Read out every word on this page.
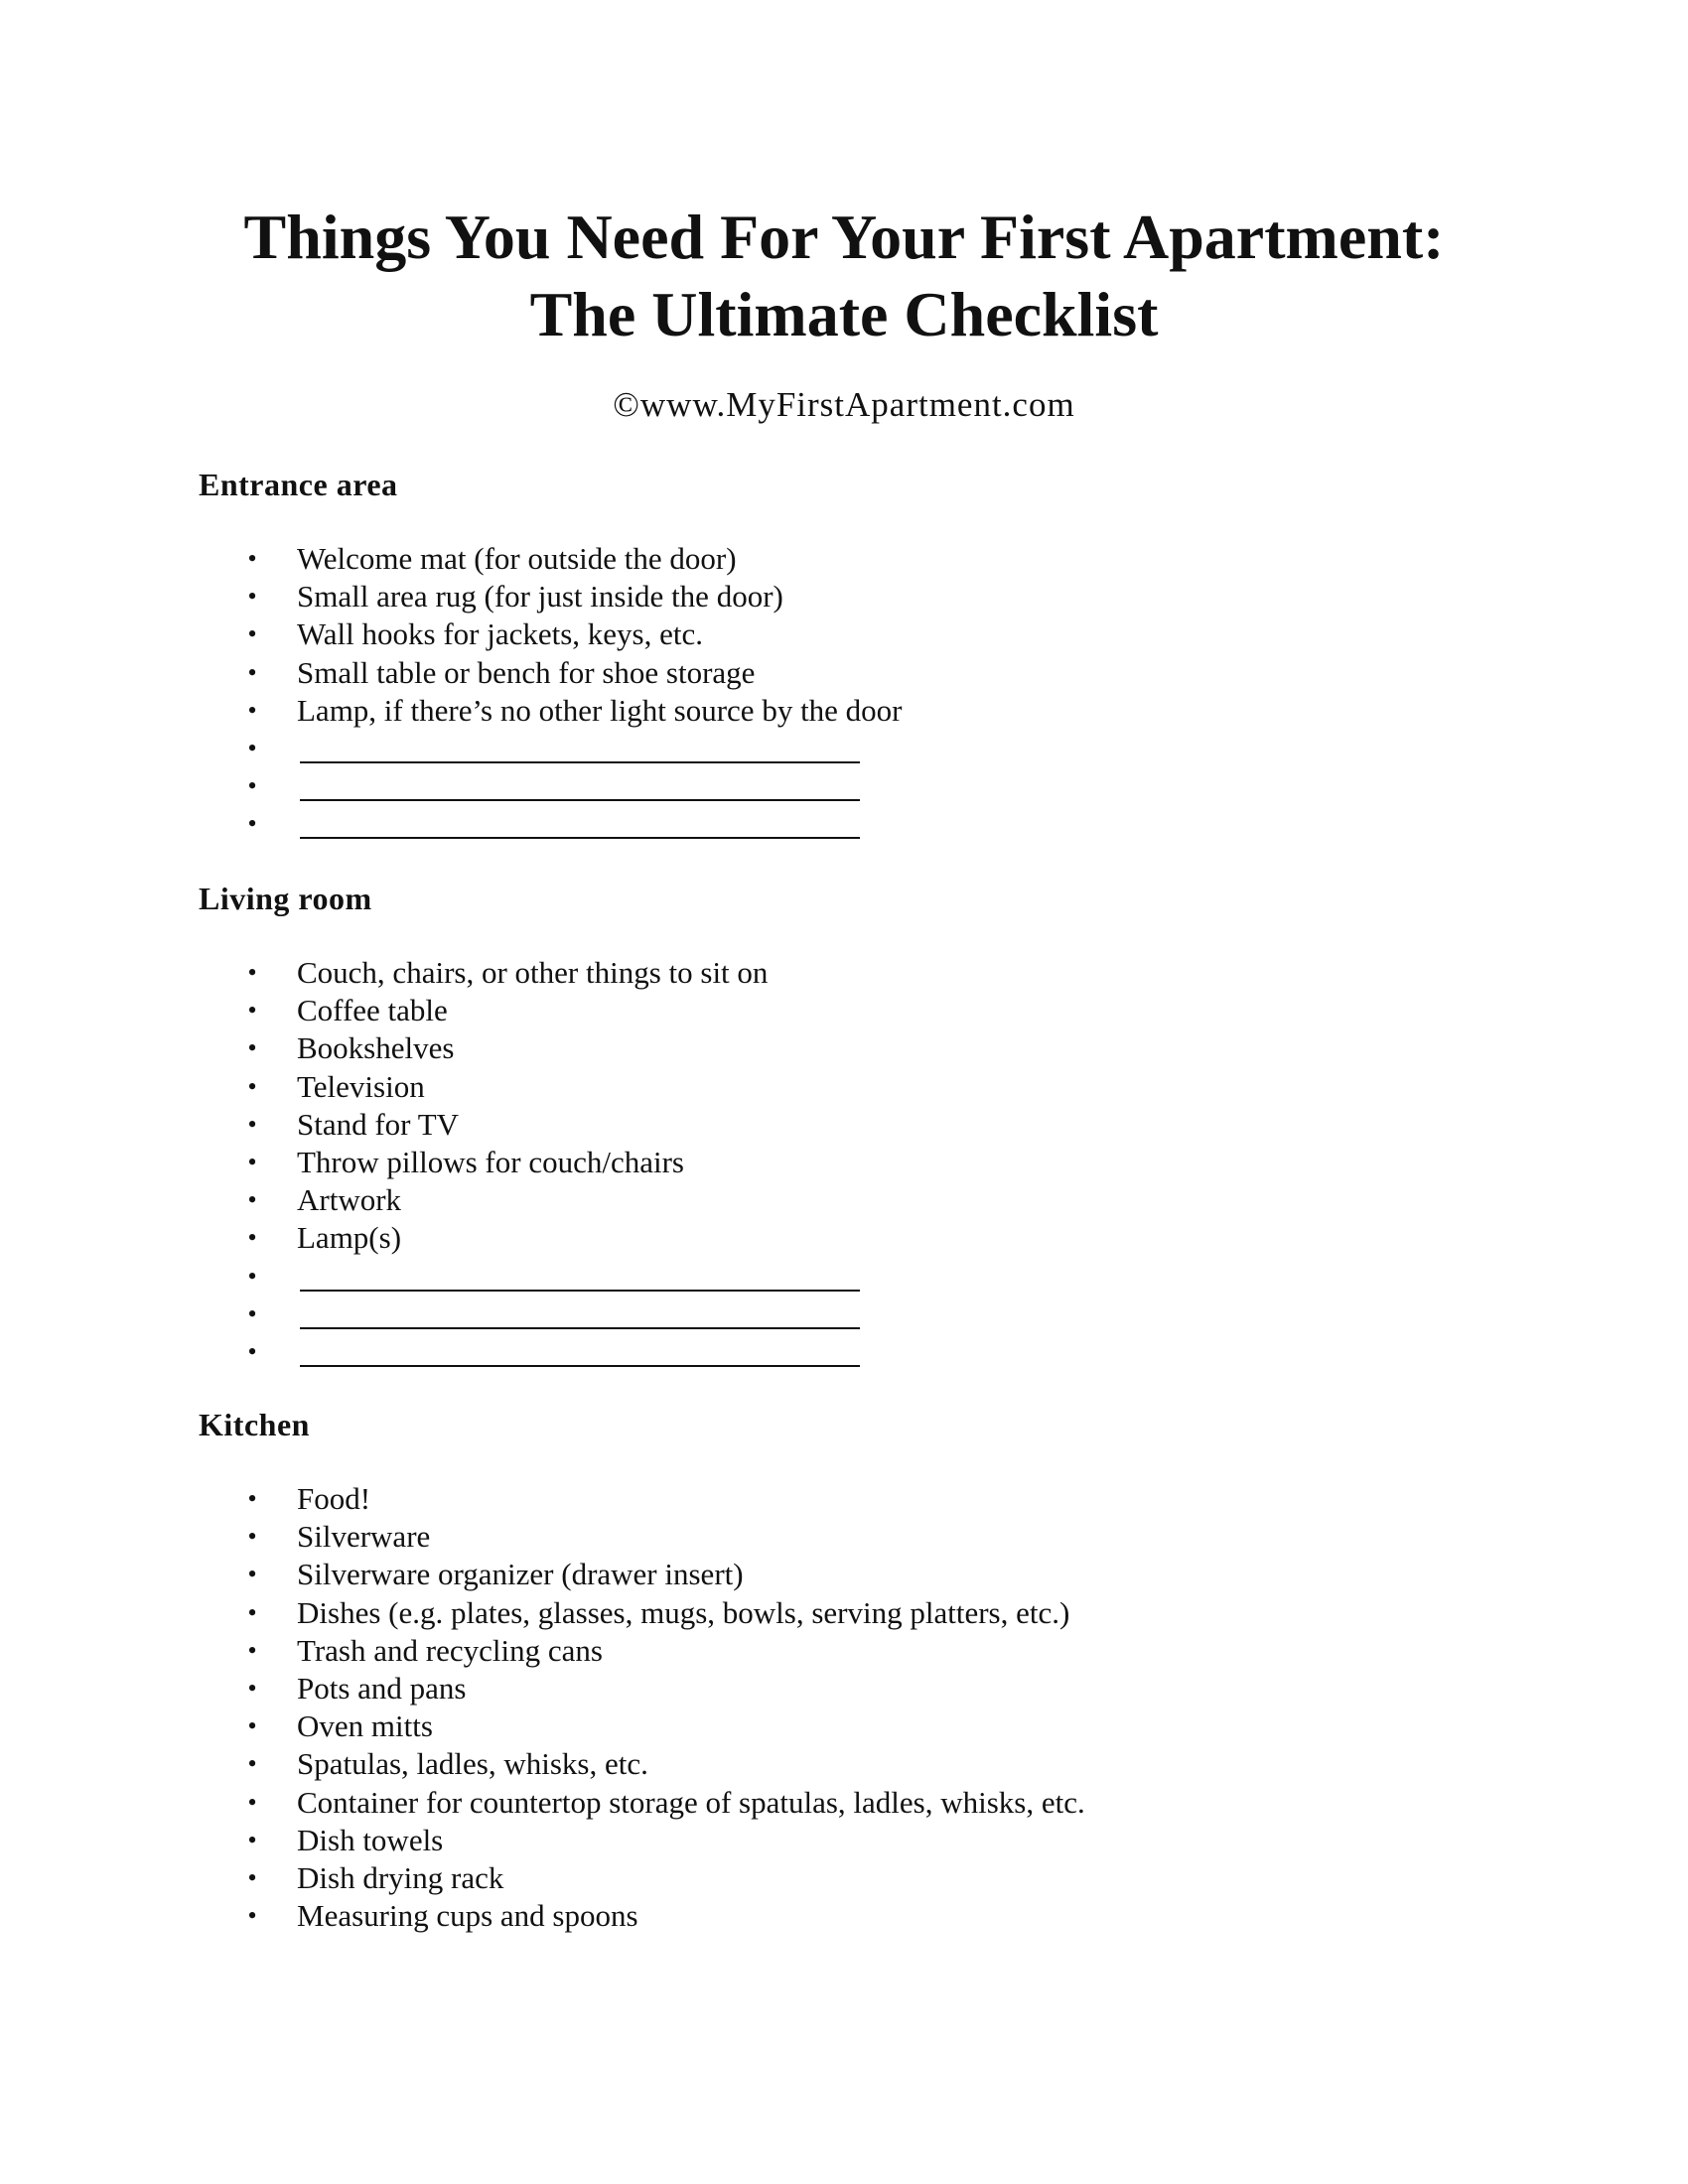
Things You Need For Your First Apartment:
The Ultimate Checklist
©www.MyFirstApartment.com
Entrance area
• Welcome mat (for outside the door)
• Small area rug (for just inside the door)
• Wall hooks for jackets, keys, etc.
• Small table or bench for shoe storage
• Lamp, if there’s no other light source by the door
•
•
•
Living room
• Couch, chairs, or other things to sit on
• Coffee table
• Bookshelves
• Television
• Stand for TV
• Throw pillows for couch/chairs
• Artwork
• Lamp(s)
•
•
•
Kitchen
• Food!
• Silverware
• Silverware organizer (drawer insert)
• Dishes (e.g. plates, glasses, mugs, bowls, serving platters, etc.)
• Trash and recycling cans
• Pots and pans
• Oven mitts
• Spatulas, ladles, whisks, etc.
• Container for countertop storage of spatulas, ladles, whisks, etc.
• Dish towels
• Dish drying rack
• Measuring cups and spoons
